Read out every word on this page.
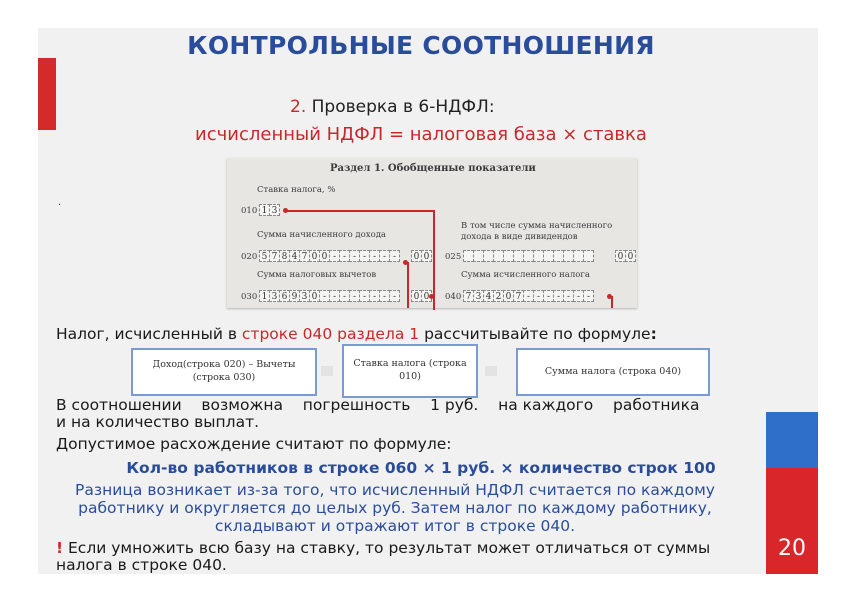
20
КОНТРОЛЬНЫЕ СООТНОШЕНИЯ
2. Проверка в 6-НДФЛ:
исчисленный НДФЛ = налоговая база × ставка
.
Раздел 1. Обобщенные показатели
Ставка налога, %
010 1 3
Сумма начисленного дохода
020 5 7 8 4 7 0 0 - - - - - - -	0 0
В том числе сумма начисленного
дохода в виде дивидендов
025	0 0
Сумма налоговых вычетов
030 1 3 6 9 3 0 - - - - - - - -	0 0
Сумма исчисленного налога
040 7 3 4 2 0 7 - - - - - - -
Налог, исчисленный в строке 040 раздела 1 рассчитывайте по формуле:
Доход(строка 020) – Вычеты (строка 030)
Ставка налога (строка 010)	Сумма налога (строка 040)
В соотношении    возможна    погрешность    1 руб.    на каждого    работника
и на количество выплат.
Допустимое расхождение считают по формуле:
Кол-во работников в строке 060 × 1 руб. × количество строк 100
Разница возникает из-за того, что исчисленный НДФЛ считается по каждому
работнику и округляется до целых руб. Затем налог по каждому работнику,
складывают и отражают итог в строке 040.
! Если умножить всю базу на ставку, то результат может отличаться от суммы
налога в строке 040.
